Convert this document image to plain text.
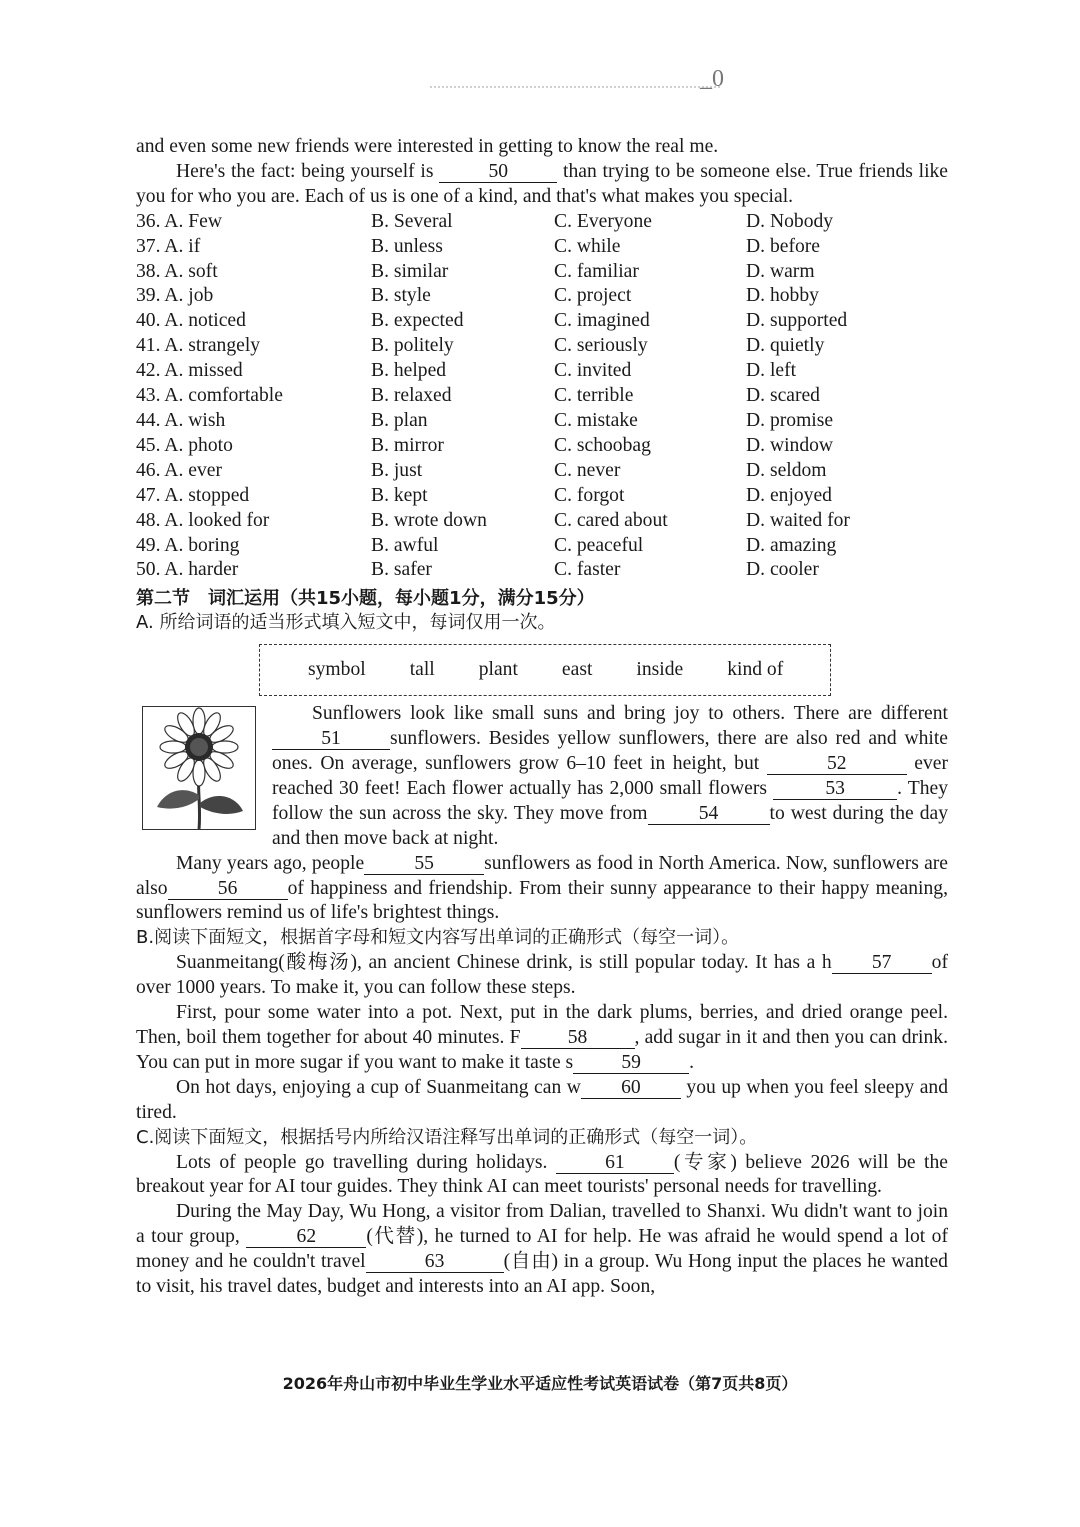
_0

and even some new friends were interested in getting to know the real me.

Here's the fact: being yourself is	50	than trying to be someone else. True friends like you for who you are. Each of us is one of a kind, and that's what makes you special.

36. A. Few	B. Several	C. Everyone	D. Nobody
37. A. if	B. unless	C. while	D. before
38. A. soft	B. similar	C. familiar	D. warm
39. A. job	B. style	C. project	D. hobby
40. A. noticed	B. expected	C. imagined	D. supported
41. A. strangely	B. politely	C. seriously	D. quietly
42. A. missed	B. helped	C. invited	D. left
43. A. comfortable	B. relaxed	C. terrible	D. scared
44. A. wish	B. plan	C. mistake	D. promise
45. A. photo	B. mirror	C. schoobag	D. window
46. A. ever	B. just	C. never	D. seldom
47. A. stopped	B. kept	C. forgot	D. enjoyed
48. A. looked for	B. wrote down	C. cared about	D. waited for
49. A. boring	B. awful	C. peaceful	D. amazing
50. A. harder	B. safer	C. faster	D. cooler

第二节　词汇运用（共15小题，每小题1分，满分15分）

A. 所给词语的适当形式填入短文中，每词仅用一次。

symbol tall plant east inside kind of

Sunflowers look like small suns and bring joy to others. There are different 51	sunflowers. Besides yellow sunflowers, there are also red and white ones. On average, sunflowers grow 6–10 feet in height, but	52	ever reached 30 feet! Each flower actually has 2,000 small flowers	53	. They follow the sun across the sky. They move from	54	to west during the day and then move back at night.

Many years ago, people	55	sunflowers as food in North America. Now, sunflowers are also	56	of happiness and friendship. From their sunny appearance to their happy meaning, sunflowers remind us of life's brightest things.

B.阅读下面短文，根据首字母和短文内容写出单词的正确形式（每空一词）。

Suanmeitang(酸梅汤), an ancient Chinese drink, is still popular today. It has a h 57 of over 1000 years. To make it, you can follow these steps.

First, pour some water into a pot. Next, put in the dark plums, berries, and dried orange peel. Then, boil them together for about 40 minutes. F 58 , add sugar in it and then you can drink. You can put in more sugar if you want to make it taste s 59 .

On hot days, enjoying a cup of Suanmeitang can w 60 you up when you feel sleepy and tired.

C.阅读下面短文，根据括号内所给汉语注释写出单词的正确形式（每空一词）。

Lots of people go travelling during holidays.	61	(专家) believe 2026 will be the breakout year for AI tour guides. They think AI can meet tourists' personal needs for travelling.

During the May Day, Wu Hong, a visitor from Dalian, travelled to Shanxi. Wu didn't want to join a tour group,	62	(代替), he turned to AI for help. He was afraid he would spend a lot of money and he couldn't travel	63	(自由) in a group. Wu Hong input the places he wanted to visit, his travel dates, budget and interests into an AI app. Soon,

2026年舟山市初中毕业生学业水平适应性考试英语试卷（第7页共8页）
